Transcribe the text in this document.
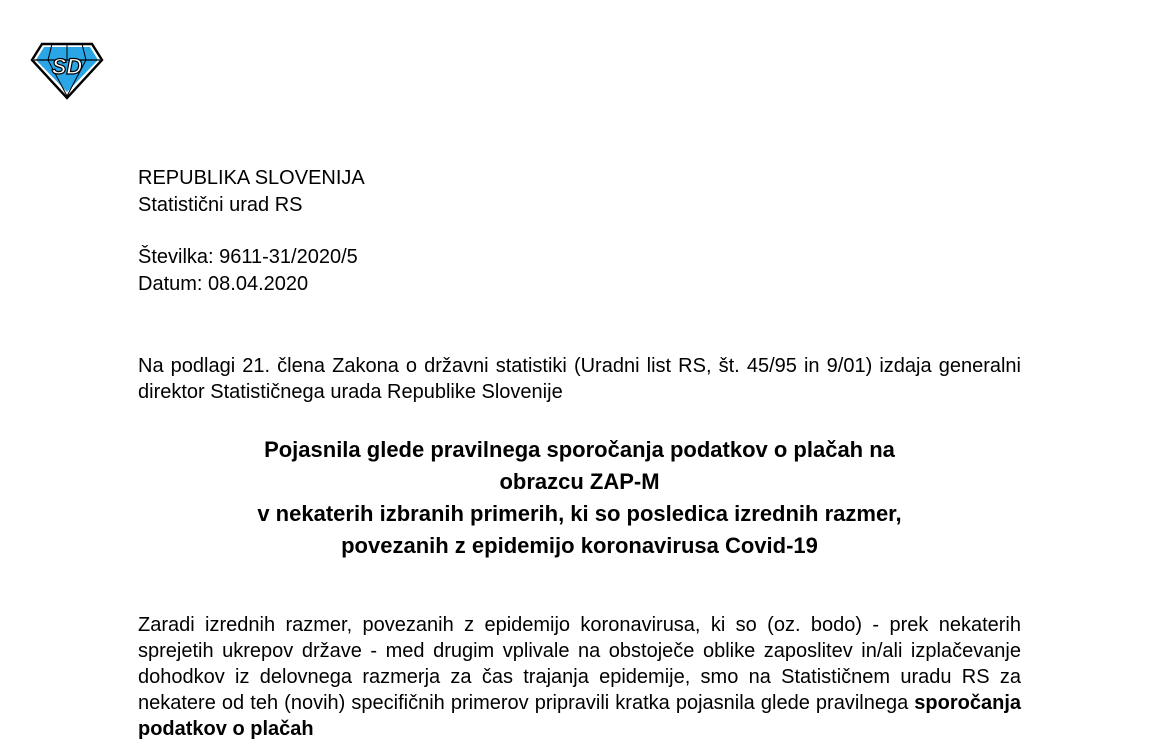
SD
REPUBLIKA SLOVENIJA
Statistični urad RS
Številka: 9611-31/2020/5
Datum: 08.04.2020
Na podlagi 21. člena Zakona o državni statistiki (Uradni list RS, št. 45/95 in 9/01) izdaja generalni direktor Statističnega urada Republike Slovenije
Pojasnila glede pravilnega sporočanja podatkov o plačah na
obrazcu ZAP-M
v nekaterih izbranih primerih, ki so posledica izrednih razmer,
povezanih z epidemijo koronavirusa Covid-19
Zaradi izrednih razmer, povezanih z epidemijo koronavirusa, ki so (oz. bodo) - prek nekaterih sprejetih ukrepov države - med drugim vplivale na obstoječe oblike zaposlitev in/ali izplačevanje dohodkov iz delovnega razmerja za čas trajanja epidemije, smo na Statističnem uradu RS za nekatere od teh (novih) specifičnih primerov pripravili kratka pojasnila glede pravilnega sporočanja podatkov o plačah
